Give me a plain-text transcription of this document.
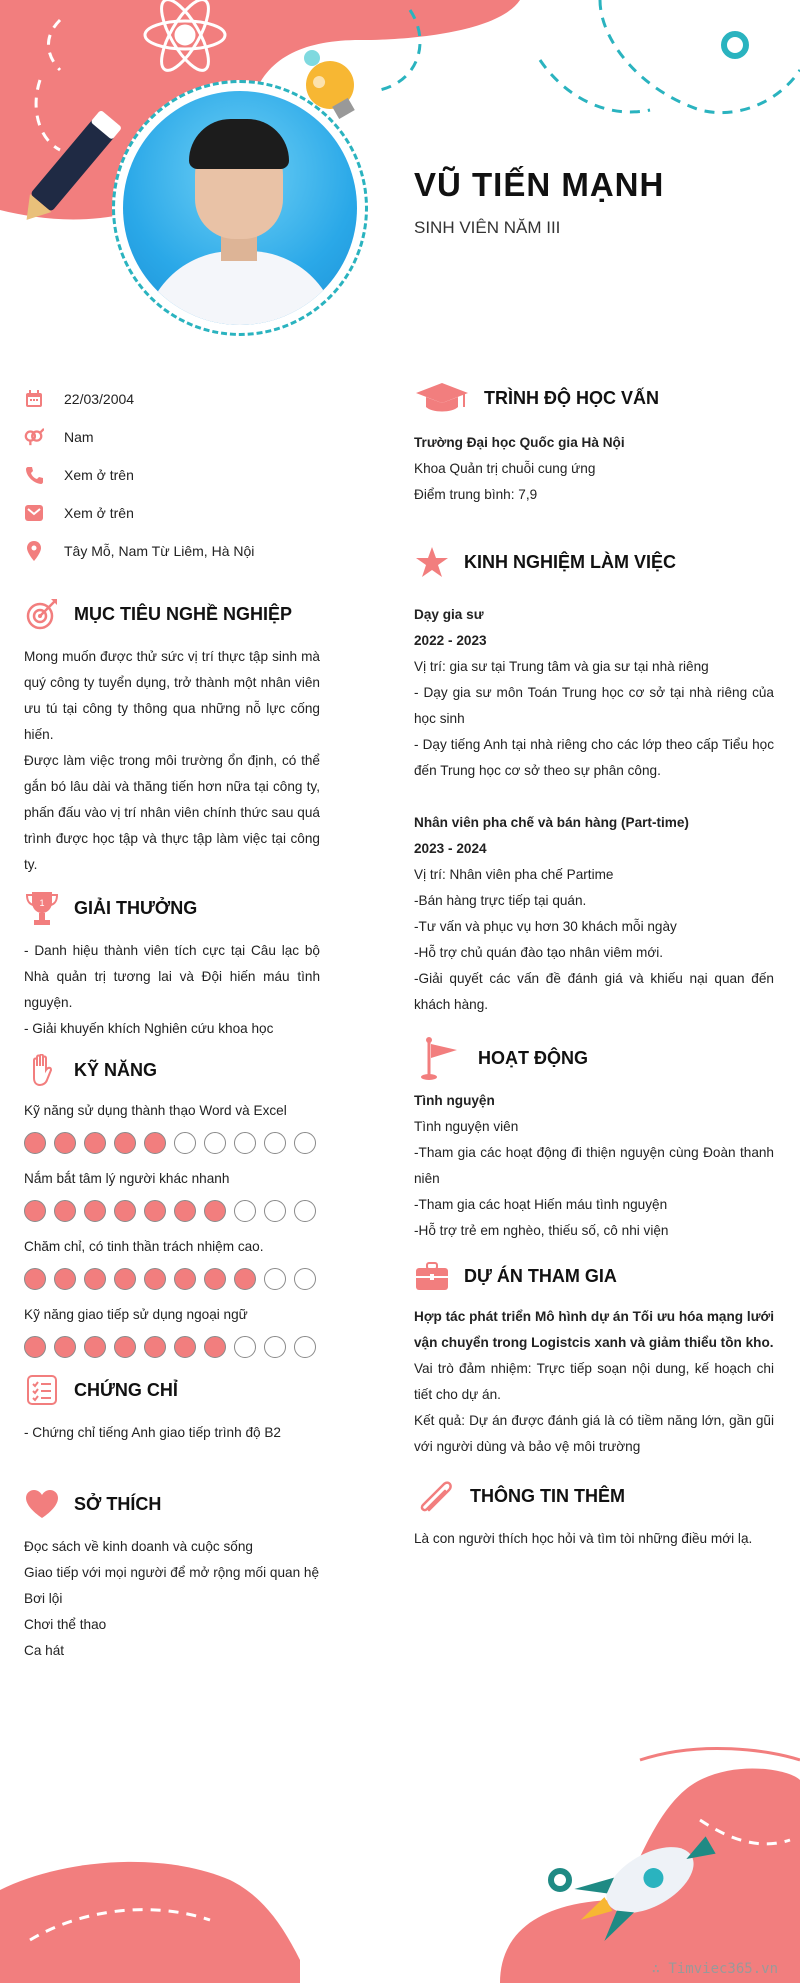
VŨ TIẾN MẠNH
SINH VIÊN NĂM III
22/03/2004
Nam
Xem ở trên
Xem ở trên
Tây Mỗ, Nam Từ Liêm, Hà Nội
MỤC TIÊU NGHỀ NGHIỆP

Mong muốn được thử sức vị trí thực tập sinh mà quý công ty tuyển dụng, trở thành một nhân viên ưu tú tại công ty thông qua những nỗ lực cống hiến.

Được làm việc trong môi trường ổn định, có thể gắn bó lâu dài và thăng tiến hơn nữa tại công ty, phấn đấu vào vị trí nhân viên chính thức sau quá trình được học tập và thực tập làm việc tại công ty.

1 GIẢI THƯỞNG

- Danh hiệu thành viên tích cực tại Câu lạc bộ Nhà quản trị tương lai và Đội hiến máu tình nguyện.

- Giải khuyến khích Nghiên cứu khoa học

KỸ NĂNG
Kỹ năng sử dụng thành thạo Word và Excel
Nắm bắt tâm lý người khác nhanh
Chăm chỉ, có tinh thần trách nhiệm cao.
Kỹ năng giao tiếp sử dụng ngoại ngữ
CHỨNG CHỈ

- Chứng chỉ tiếng Anh giao tiếp trình độ B2

SỞ THÍCH

Đọc sách về kinh doanh và cuộc sống

Giao tiếp với mọi người để mở rộng mối quan hệ

Bơi lội

Chơi thể thao

Ca hát

TRÌNH ĐỘ HỌC VẤN

Trường Đại học Quốc gia Hà Nội

Khoa Quản trị chuỗi cung ứng

Điểm trung bình: 7,9

KINH NGHIỆM LÀM VIỆC

Dạy gia sư

2022 - 2023

Vị trí: gia sư tại Trung tâm và gia sư tại nhà riêng

- Dạy gia sư môn Toán Trung học cơ sở tại nhà riêng của học sinh

- Dạy tiếng Anh tại nhà riêng cho các lớp theo cấp Tiểu học đến Trung học cơ sở theo sự phân công.

Nhân viên pha chế và bán hàng (Part-time)

2023 - 2024

Vị trí: Nhân viên pha chế Partime

-Bán hàng trực tiếp tại quán.

-Tư vấn và phục vụ hơn 30 khách mỗi ngày

-Hỗ trợ chủ quán đào tạo nhân viêm mới.

-Giải quyết các vấn đề đánh giá và khiếu nại quan đến khách hàng.

HOẠT ĐỘNG

Tình nguyện

Tình nguyện viên

-Tham gia các hoạt động đi thiện nguyện cùng Đoàn thanh niên

-Tham gia các hoạt Hiến máu tình nguyện

-Hỗ trợ trẻ em nghèo, thiếu số, cô nhi viện

DỰ ÁN THAM GIA

Hợp tác phát triển Mô hình dự án Tối ưu hóa mạng lưới vận chuyển trong Logistcis xanh và giảm thiểu tồn kho.

Vai trò đảm nhiệm: Trực tiếp soạn nội dung, kế hoạch chi tiết cho dự án.

Kết quả: Dự án được đánh giá là có tiềm năng lớn, gần gũi với người dùng và bảo vệ môi trường

THÔNG TIN THÊM

Là con người thích học hỏi và tìm tòi những điều mới lạ.

∴ Timviec365.vn
